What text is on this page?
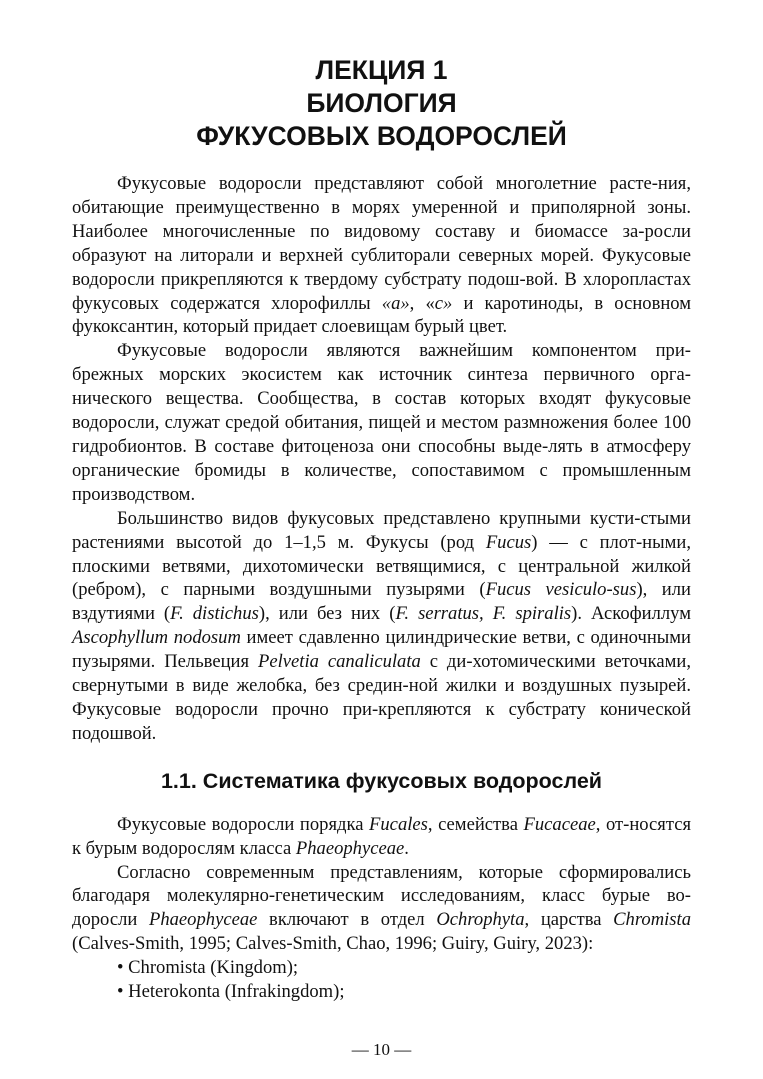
ЛЕКЦИЯ 1
БИОЛОГИЯ
ФУКУСОВЫХ ВОДОРОСЛЕЙ

Фукусовые водоросли представляют собой многолетние расте-ния, обитающие преимущественно в морях умеренной и приполярной зоны. Наиболее многочисленные по видовому составу и биомассе за-росли образуют на литорали и верхней сублиторали северных морей. Фукусовые водоросли прикрепляются к твердому субстрату подош-вой. В хлоропластах фукусовых содержатся хлорофиллы «а», «с» и каротиноды, в основном фукоксантин, который придает слоевищам бурый цвет.

Фукусовые водоросли являются важнейшим компонентом при-брежных морских экосистем как источник синтеза первичного орга-нического вещества. Сообщества, в состав которых входят фукусовые водоросли, служат средой обитания, пищей и местом размножения более 100 гидробионтов. В составе фитоценоза они способны выде-лять в атмосферу органические бромиды в количестве, сопоставимом с промышленным производством.

Большинство видов фукусовых представлено крупными кусти-стыми растениями высотой до 1–1,5 м. Фукусы (род Fucus) — с плот-ными, плоскими ветвями, дихотомически ветвящимися, с центральной жилкой (ребром), с парными воздушными пузырями (Fucus vesiculo-sus), или вздутиями (F. distichus), или без них (F. serratus, F. spiralis). Аскофиллум Ascophyllum nodosum имеет сдавленно цилиндрические ветви, с одиночными пузырями. Пельвеция Pelvetia canaliculata с ди-хотомическими веточками, свернутыми в виде желобка, без средин-ной жилки и воздушных пузырей. Фукусовые водоросли прочно при-крепляются к субстрату конической подошвой.

1.1. Систематика фукусовых водорослей

Фукусовые водоросли порядка Fucales, семейства Fucaceae, от-носятся к бурым водорослям класса Phaeophyceae.

Согласно современным представлениям, которые сформировались благодаря молекулярно-генетическим исследованиям, класс бурые во-доросли Phaeophyceae включают в отдел Ochrophyta, царства Chromista (Calves-Smith, 1995; Calves-Smith, Chao, 1996; Guiry, Guiry, 2023):

• Chromista (Kingdom);
• Heterokonta (Infrakingdom);
— 10 —
